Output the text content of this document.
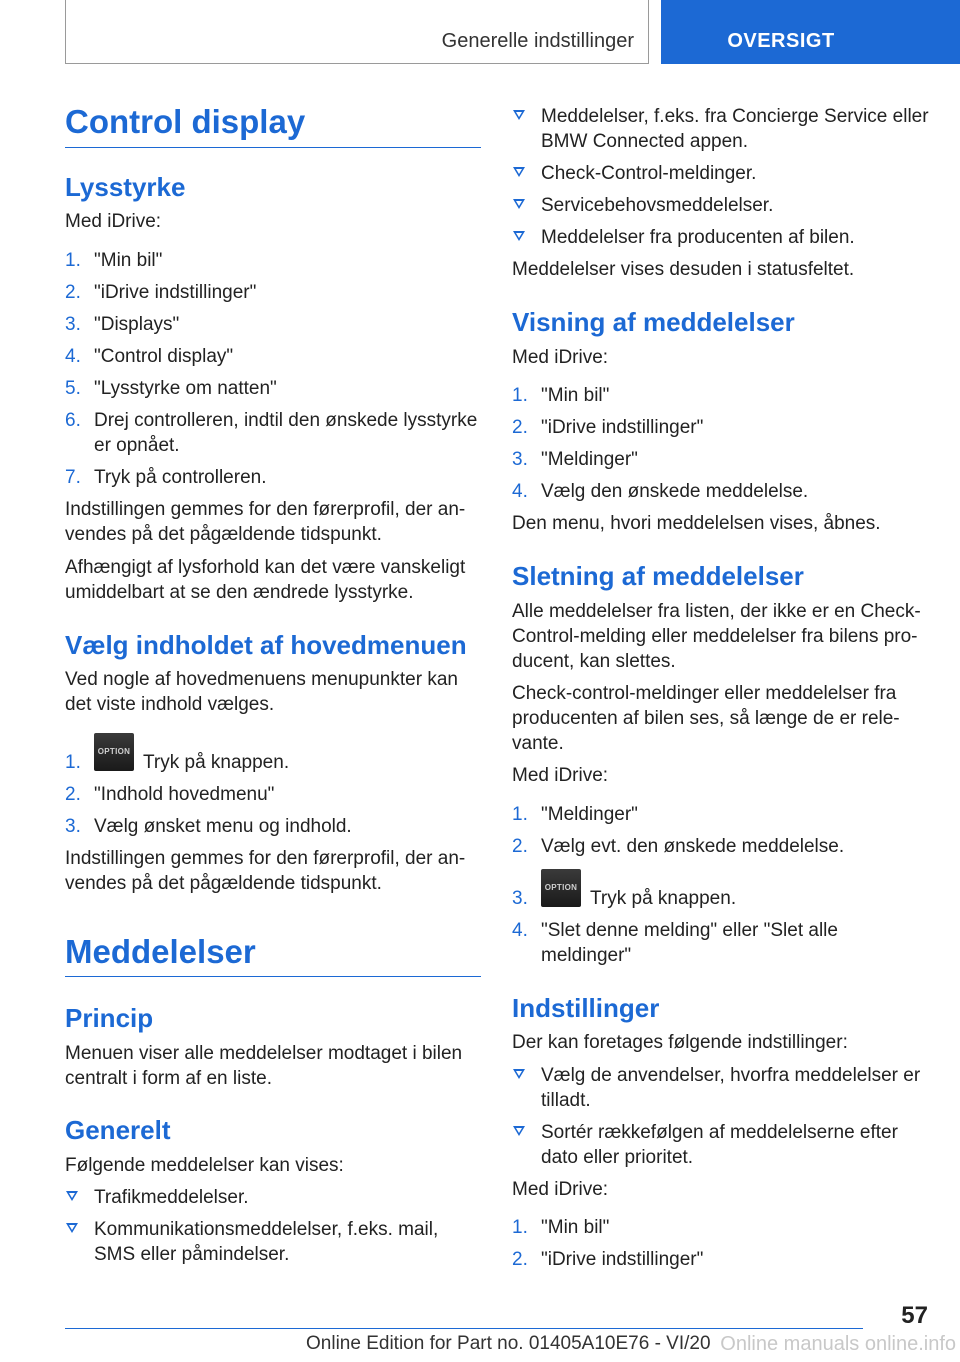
Generelle indstillinger	OVERSIGT
Control display
Lysstyrke
Med iDrive:
1. "Min bil"
2. "iDrive indstillinger"
3. "Displays"
4. "Control display"
5. "Lysstyrke om natten"
6. Drej controlleren, indtil den ønskede lysstyrke
er opnået.
7. Tryk på controlleren.
Indstillingen gemmes for den førerprofil, der an-
vendes på det pågældende tidspunkt.
Afhængigt af lysforhold kan det være vanskeligt
umiddelbart at se den ændrede lysstyrke.
Vælg indholdet af hovedmenuen
Ved nogle af hovedmenuens menupunkter kan
det viste indhold vælges.
1.
OPTION
Tryk på knappen.
2. "Indhold hovedmenu"
3. Vælg ønsket menu og indhold.
Indstillingen gemmes for den førerprofil, der an-
vendes på det pågældende tidspunkt.
Meddelelser
Princip
Menuen viser alle meddelelser modtaget i bilen
centralt i form af en liste.
Generelt
Følgende meddelelser kan vises:
Trafikmeddelelser.
Kommunikationsmeddelelser, f.eks. mail,
SMS eller påmindelser.
Meddelelser, f.eks. fra Concierge Service eller
BMW Connected appen.
Check-Control-meldinger.
Servicebehovsmeddelelser.
Meddelelser fra producenten af bilen.
Meddelelser vises desuden i statusfeltet.
Visning af meddelelser
Med iDrive:
1. "Min bil"
2. "iDrive indstillinger"
3. "Meldinger"
4. Vælg den ønskede meddelelse.
Den menu, hvori meddelelsen vises, åbnes.
Sletning af meddelelser
Alle meddelelser fra listen, der ikke er en Check-
Control-melding eller meddelelser fra bilens pro-
ducent, kan slettes.
Check-control-meldinger eller meddelelser fra
producenten af bilen ses, så længe de er rele-
vante.
Med iDrive:
1. "Meldinger"
2. Vælg evt. den ønskede meddelelse.
3.
OPTION
Tryk på knappen.
4. "Slet denne melding" eller "Slet alle
meldinger"
Indstillinger
Der kan foretages følgende indstillinger:
Vælg de anvendelser, hvorfra meddelelser er
tilladt.
Sortér rækkefølgen af meddelelserne efter
dato eller prioritet.
Med iDrive:
1. "Min bil"
2. "iDrive indstillinger"
57
Online Edition for Part no. 01405A10E76 - VI/20 Online manuals online.info
